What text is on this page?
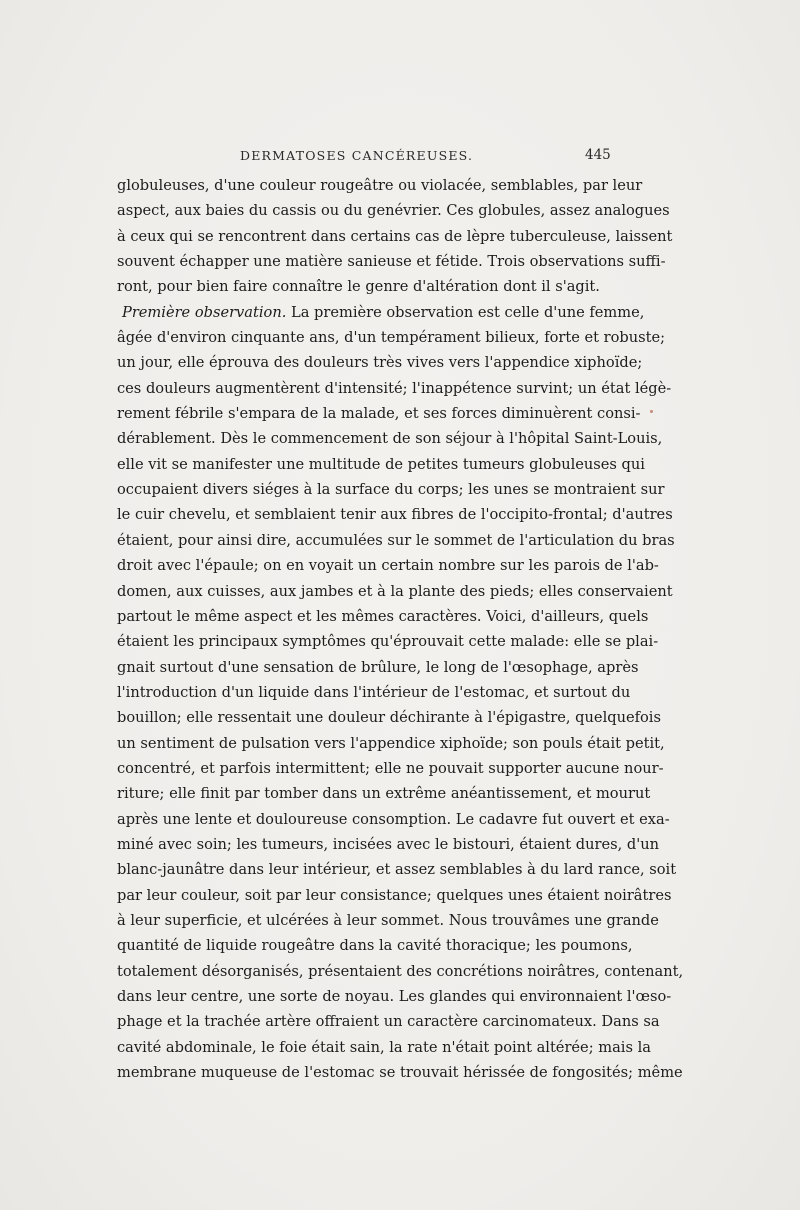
DERMATOSES CANCÉREUSES.	445
globuleuses, d'une couleur rougeâtre ou violacée, semblables, par leur
aspect, aux baies du cassis ou du genévrier. Ces globules, assez analogues
à ceux qui se rencontrent dans certains cas de lèpre tuberculeuse, laissent
souvent échapper une matière sanieuse et fétide. Trois observations suffi-
ront, pour bien faire connaître le genre d'altération dont il s'agit.
Première observation. La première observation est celle d'une femme,
âgée d'environ cinquante ans, d'un tempérament bilieux, forte et robuste;
un jour, elle éprouva des douleurs très vives vers l'appendice xiphoïde;
ces douleurs augmentèrent d'intensité; l'inappétence survint; un état légè-
rement fébrile s'empara de la malade, et ses forces diminuèrent consi-
dérablement. Dès le commencement de son séjour à l'hôpital Saint-Louis,
elle vit se manifester une multitude de petites tumeurs globuleuses qui
occupaient divers siéges à la surface du corps; les unes se montraient sur
le cuir chevelu, et semblaient tenir aux fibres de l'occipito-frontal; d'autres
étaient, pour ainsi dire, accumulées sur le sommet de l'articulation du bras
droit avec l'épaule; on en voyait un certain nombre sur les parois de l'ab-
domen, aux cuisses, aux jambes et à la plante des pieds; elles conservaient
partout le même aspect et les mêmes caractères. Voici, d'ailleurs, quels
étaient les principaux symptômes qu'éprouvait cette malade: elle se plai-
gnait surtout d'une sensation de brûlure, le long de l'œsophage, après
l'introduction d'un liquide dans l'intérieur de l'estomac, et surtout du
bouillon; elle ressentait une douleur déchirante à l'épigastre, quelquefois
un sentiment de pulsation vers l'appendice xiphoïde; son pouls était petit,
concentré, et parfois intermittent; elle ne pouvait supporter aucune nour-
riture; elle finit par tomber dans un extrême anéantissement, et mourut
après une lente et douloureuse consomption. Le cadavre fut ouvert et exa-
miné avec soin; les tumeurs, incisées avec le bistouri, étaient dures, d'un
blanc-jaunâtre dans leur intérieur, et assez semblables à du lard rance, soit
par leur couleur, soit par leur consistance; quelques unes étaient noirâtres
à leur superficie, et ulcérées à leur sommet. Nous trouvâmes une grande
quantité de liquide rougeâtre dans la cavité thoracique; les poumons,
totalement désorganisés, présentaient des concrétions noirâtres, contenant,
dans leur centre, une sorte de noyau. Les glandes qui environnaient l'œso-
phage et la trachée artère offraient un caractère carcinomateux. Dans sa
cavité abdominale, le foie était sain, la rate n'était point altérée; mais la
membrane muqueuse de l'estomac se trouvait hérissée de fongosités; même
